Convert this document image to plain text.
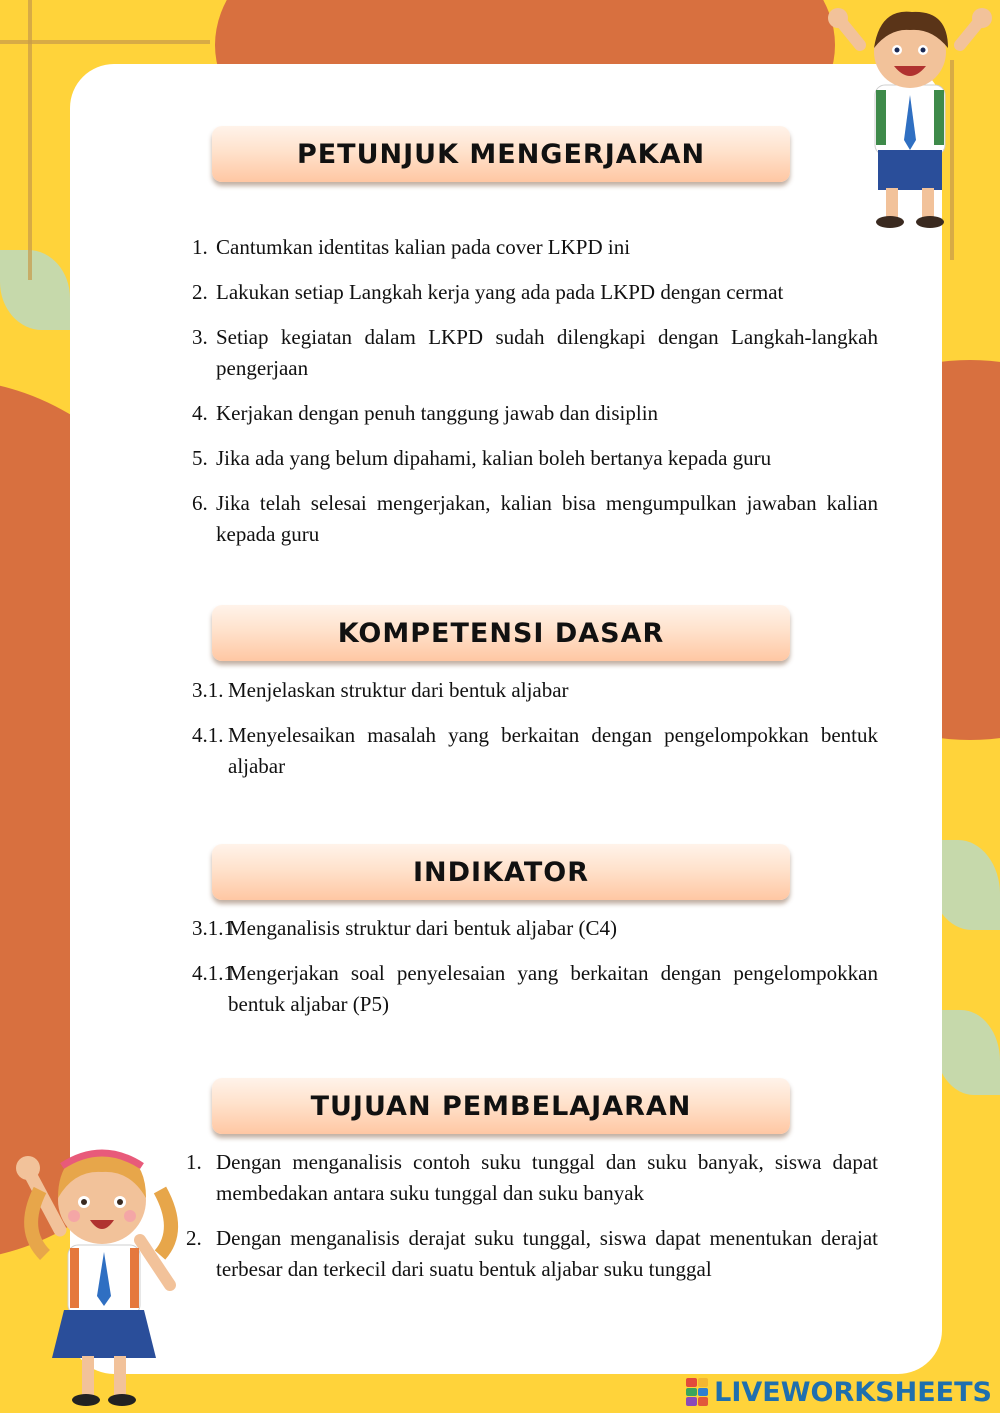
PETUNJUK MENGERJAKAN
1. Cantumkan identitas kalian pada cover LKPD ini
2. Lakukan setiap Langkah kerja yang ada pada LKPD dengan cermat
3. Setiap kegiatan dalam LKPD sudah dilengkapi dengan Langkah-langkah pengerjaan
4. Kerjakan dengan penuh tanggung jawab dan disiplin
5. Jika ada yang belum dipahami, kalian boleh bertanya kepada guru
6. Jika telah selesai mengerjakan, kalian bisa mengumpulkan jawaban kalian kepada guru
KOMPETENSI DASAR
3.1. Menjelaskan struktur dari bentuk aljabar
4.1. Menyelesaikan masalah yang berkaitan dengan pengelompokkan bentuk aljabar
INDIKATOR
3.1.1
Menganalisis struktur dari bentuk aljabar (C4)
4.1.1
Mengerjakan soal penyelesaian yang berkaitan dengan pengelompokkan bentuk aljabar (P5)
TUJUAN PEMBELAJARAN
1. Dengan menganalisis contoh suku tunggal dan suku banyak, siswa dapat membedakan antara suku tunggal dan suku banyak
2. Dengan menganalisis derajat suku tunggal, siswa dapat menentukan derajat terbesar dan terkecil dari suatu bentuk aljabar suku tunggal
LIVEWORKSHEETS
